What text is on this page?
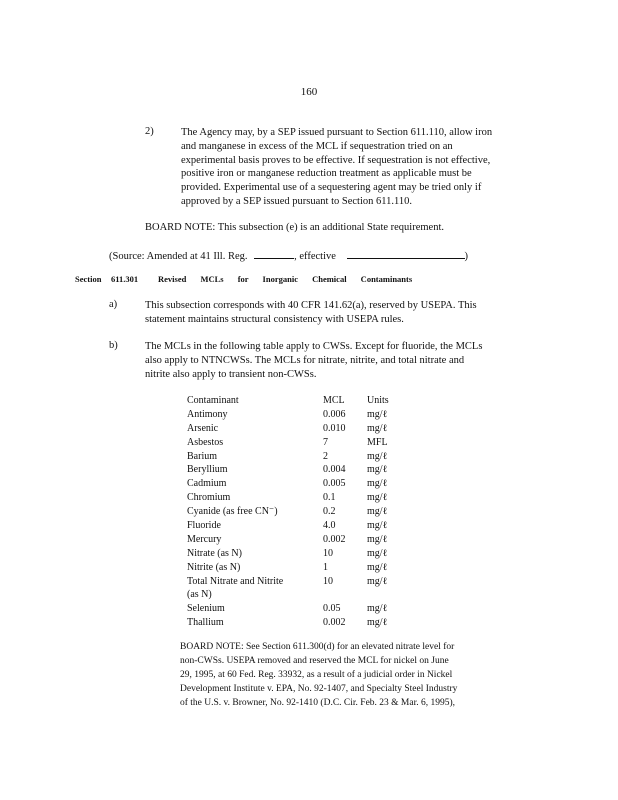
160
2)	The Agency may, by a SEP issued pursuant to Section 611.110, allow iron
and manganese in excess of the MCL if sequestration tried on an
experimental basis proves to be effective. If sequestration is not effective,
positive iron or manganese reduction treatment as applicable must be
provided. Experimental use of a sequestering agent may be tried only if
approved by a SEP issued pursuant to Section 611.110.
BOARD NOTE: This subsection (e) is an additional State requirement.
(Source: Amended at 41 Ill. Reg.	, effective	)
Section 611.301 Revised MCLs for Inorganic Chemical Contaminants
a)	This subsection corresponds with 40 CFR 141.62(a), reserved by USEPA. This
statement maintains structural consistency with USEPA rules.
b)	The MCLs in the following table apply to CWSs. Except for fluoride, the MCLs
also apply to NTNCWSs. The MCLs for nitrate, nitrite, and total nitrate and
nitrite also apply to transient non-CWSs.
Contaminant	MCL Units
Antimony	0.006 mg/ℓ
Arsenic	0.010 mg/ℓ
Asbestos	7	MFL
Barium	2	mg/ℓ
Beryllium	0.004 mg/ℓ
Cadmium	0.005 mg/ℓ
Chromium	0.1	mg/ℓ
Cyanide (as free CN⁻)	0.2	mg/ℓ
Fluoride	4.0	mg/ℓ
Mercury	0.002 mg/ℓ
Nitrate (as N)	10	mg/ℓ
Nitrite (as N)	1	mg/ℓ
Total Nitrate and Nitrite (as N)
10	mg/ℓ
Selenium	0.05	mg/ℓ
Thallium	0.002 mg/ℓ
BOARD NOTE: See Section 611.300(d) for an elevated nitrate level for
non-CWSs. USEPA removed and reserved the MCL for nickel on June
29, 1995, at 60 Fed. Reg. 33932, as a result of a judicial order in Nickel
Development Institute v. EPA, No. 92-1407, and Specialty Steel Industry
of the U.S. v. Browner, No. 92-1410 (D.C. Cir. Feb. 23 & Mar. 6, 1995),
